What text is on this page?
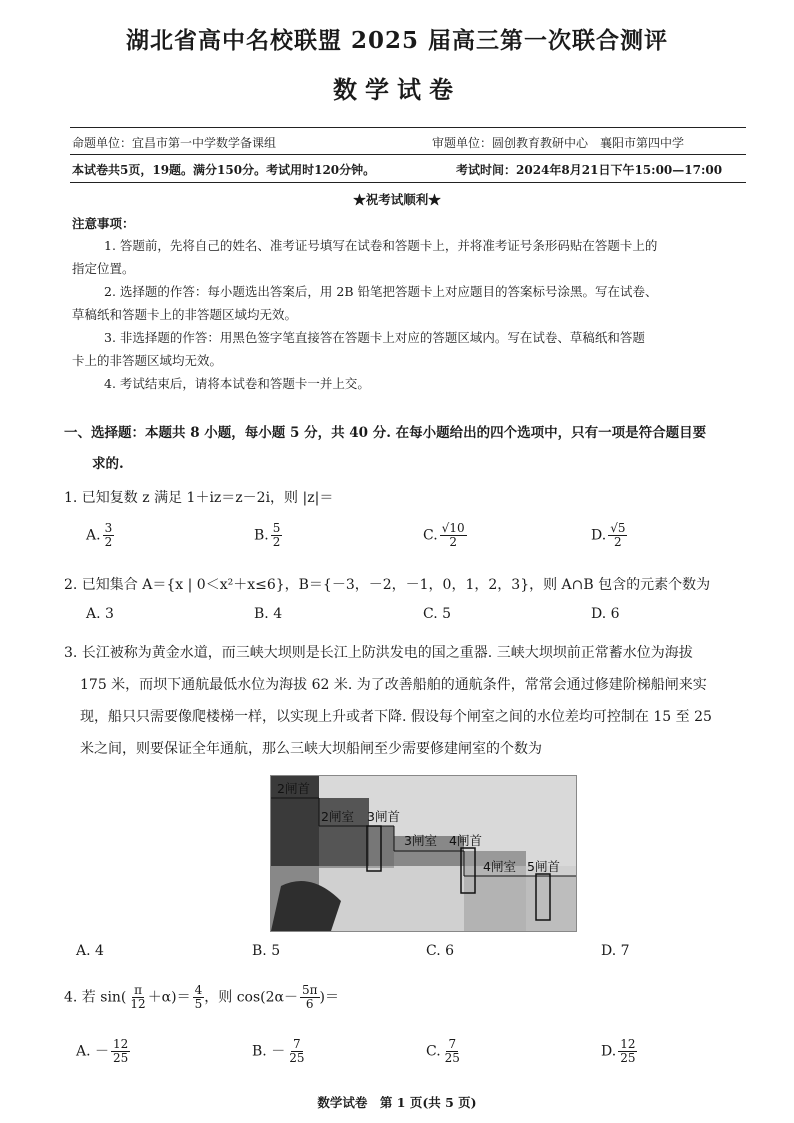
湖北省高中名校联盟 2025 届高三第一次联合测评
数学试卷
命题单位：宜昌市第一中学数学备课组	审题单位：圆创教育教研中心　襄阳市第四中学
本试卷共5页，19题。满分150分。考试用时120分钟。	考试时间：2024年8月21日下午15:00—17:00
★祝考试顺利★
注意事项：
1. 答题前，先将自己的姓名、准考证号填写在试卷和答题卡上，并将准考证号条形码贴在答题卡上的
指定位置。
2. 选择题的作答：每小题选出答案后，用 2B 铅笔把答题卡上对应题目的答案标号涂黑。写在试卷、
草稿纸和答题卡上的非答题区域均无效。
3. 非选择题的作答：用黑色签字笔直接答在答题卡上对应的答题区域内。写在试卷、草稿纸和答题
卡上的非答题区域均无效。
4. 考试结束后，请将本试卷和答题卡一并上交。
一、选择题：本题共 8 小题，每小题 5 分，共 40 分. 在每小题给出的四个选项中，只有一项是符合题目要
求的.
1. 已知复数 z 满足 1＋iz＝z－2i，则 |z|＝
A. $\frac{3}{2}$	B. $\frac{5}{2}$	C. $\frac{√10}{2}$	D. $\frac{√5}{2}$
2. 已知集合 A＝{x | 0＜x²＋x≤6}，B＝{－3，－2，－1，0，1，2，3}，则 A∩B 包含的元素个数为
A. 3	B. 4	C. 5	D. 6
3. 长江被称为黄金水道，而三峡大坝则是长江上防洪发电的国之重器. 三峡大坝坝前正常蓄水位为海拔
175 米，而坝下通航最低水位为海拔 62 米. 为了改善船舶的通航条件，常常会通过修建阶梯船闸来实
现，船只只需要像爬楼梯一样，以实现上升或者下降. 假设每个闸室之间的水位差均可控制在 15 至 25
米之间，则要保证全年通航，那么三峡大坝船闸至少需要修建闸室的个数为
2闸首
2闸室 3闸首
3闸室 4闸首
4闸室 5闸首
A. 4	B. 5	C. 6	D. 7
4. 若 $\sin( \frac{\pi}{12} +\alpha)= \frac{4}{5}$ ，则 $\cos(2\alpha- \frac{5\pi}{6}$ )＝
A. － $\frac{12}{25}$	B. － $\frac{7}{25}$	C. $\frac{7}{25}$	D. $\frac{12}{25}$
数学试卷　第 1 页(共 5 页)
